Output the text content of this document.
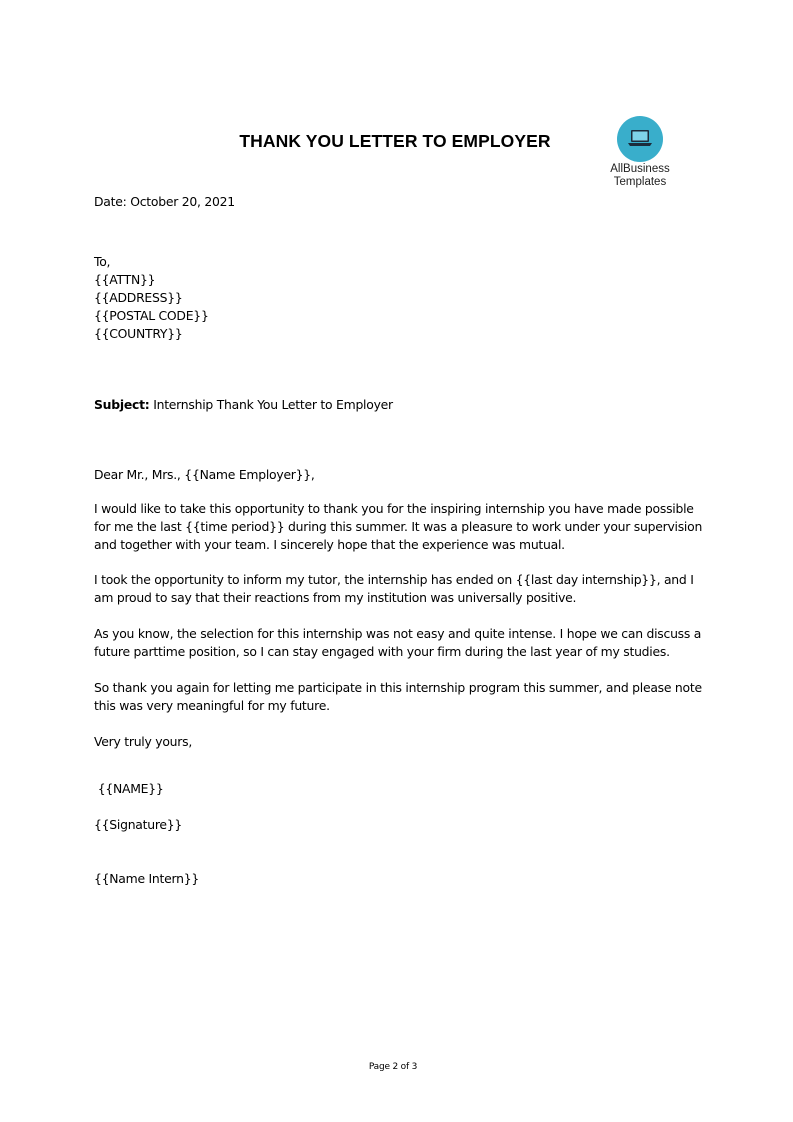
THANK YOU LETTER TO EMPLOYER
AllBusiness
Templates

Date: October 20, 2021

To,

{{ATTN}}

{{ADDRESS}}

{{POSTAL CODE}}

{{COUNTRY}}

Subject: Internship Thank You Letter to Employer

Dear Mr., Mrs., {{Name Employer}},

I would like to take this opportunity to thank you for the inspiring internship you have made possible

for me the last {{time period}} during this summer. It was a pleasure to work under your supervision

and together with your team. I sincerely hope that the experience was mutual.

I took the opportunity to inform my tutor, the internship has ended on {{last day internship}}, and I

am proud to say that their reactions from my institution was universally positive.

As you know, the selection for this internship was not easy and quite intense. I hope we can discuss a

future parttime position, so I can stay engaged with your firm during the last year of my studies.

So thank you again for letting me participate in this internship program this summer, and please note

this was very meaningful for my future.

Very truly yours,

{{NAME}}

{{Signature}}

{{Name Intern}}

Page 2 of 3
